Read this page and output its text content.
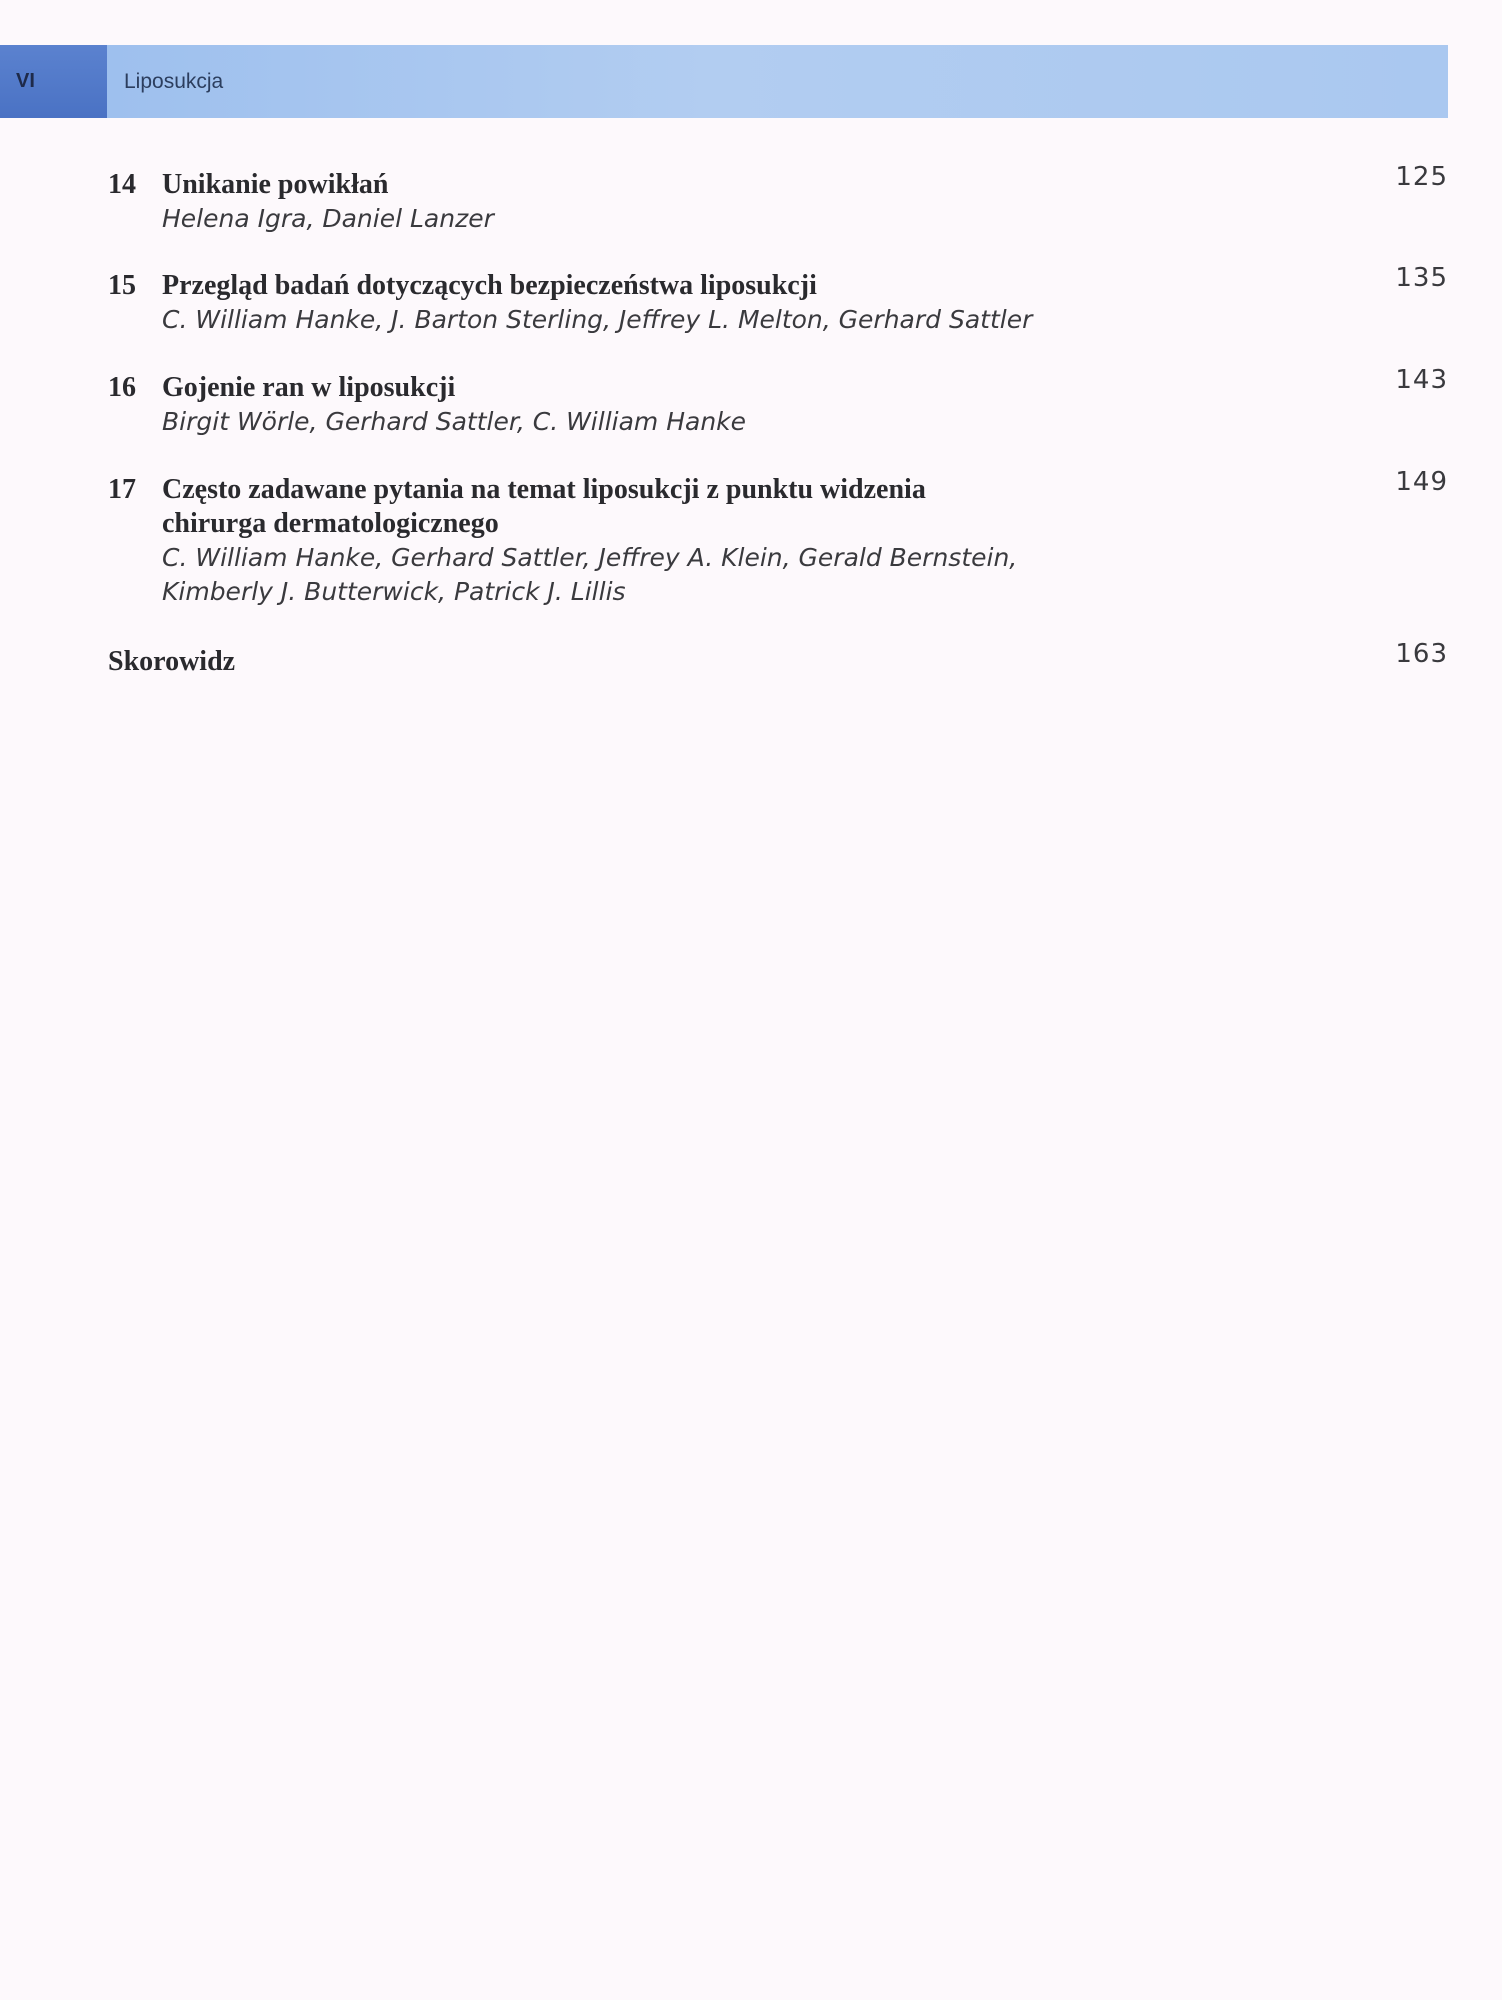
VI	Liposukcja
14 Unikanie powikłań

Helena Igra, Daniel Lanzer

125
15 Przegląd badań dotyczących bezpieczeństwa liposukcji

C. William Hanke, J. Barton Sterling, Jeffrey L. Melton, Gerhard Sattler

135
16 Gojenie ran w liposukcji

Birgit Wörle, Gerhard Sattler, C. William Hanke

143
17 Często zadawane pytania na temat liposukcji z punktu widzenia

chirurga dermatologicznego

C. William Hanke, Gerhard Sattler, Jeffrey A. Klein, Gerald Bernstein,

Kimberly J. Butterwick, Patrick J. Lillis

149
Skorowidz	163
